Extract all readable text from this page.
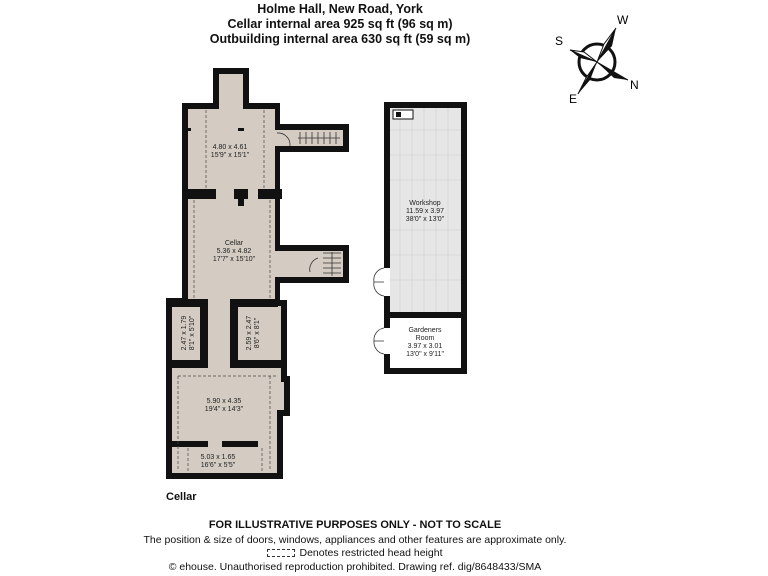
Holme Hall, New Road, York
Cellar internal area 925 sq ft (96 sq m)
Outbuilding internal area 630 sq ft (59 sq m)
W
S
N
E
4.80 x 4.61
15'9" x 15'1"
Cellar
5.36 x 4.82
17'7" x 15'10"
2.47 x 1.79 8'1" x 5'10"	2.59 x 2.47 8'6" x 8'1"
5.90 x 4.35
19'4" x 14'3"
5.03 x 1.65
16'6" x 5'5"
Workshop
11.59 x 3.97
38'0" x 13'0"
Gardeners
Room
3.97 x 3.01
13'0" x 9'11"
Cellar
FOR ILLUSTRATIVE PURPOSES ONLY - NOT TO SCALE
The position & size of doors, windows, appliances and other features are approximate only.
Denotes restricted head height
© ehouse. Unauthorised reproduction prohibited. Drawing ref. dig/8648433/SMA
